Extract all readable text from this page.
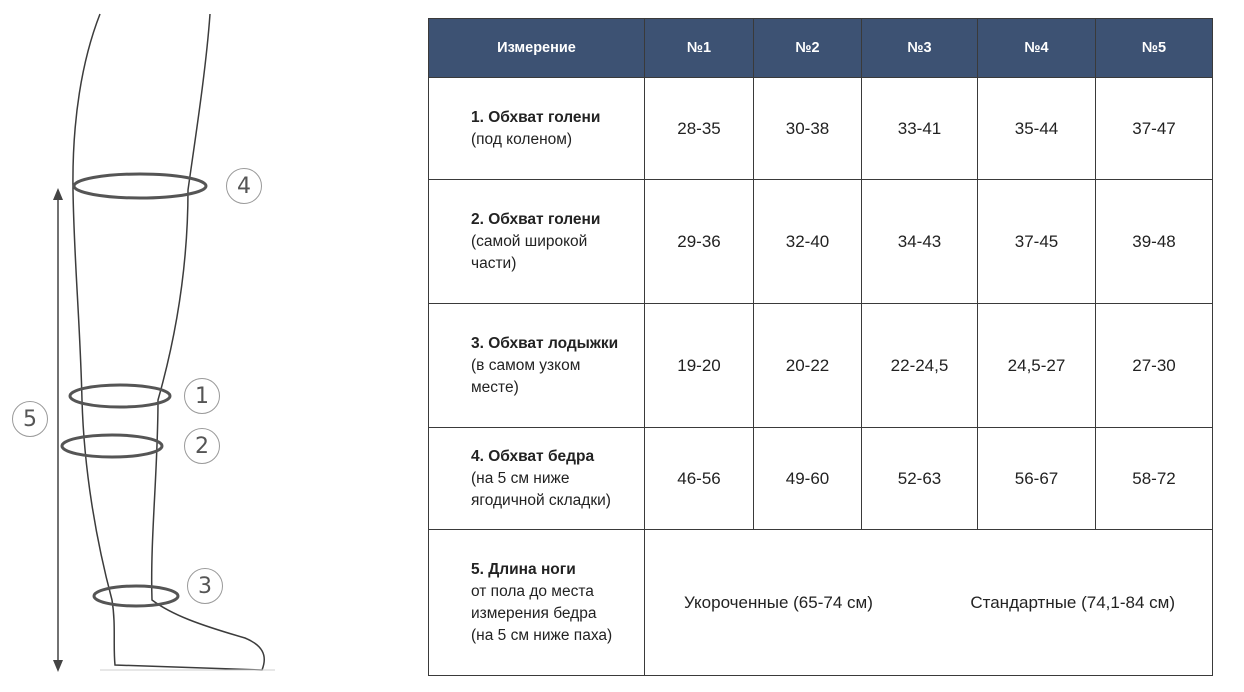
4
1
2
3
5
Измерение	№1	№2	№3	№4	№5

1. Обхват голени
(под коленом)	28-35	30-38	33-41	35-44	37-47

2. Обхват голени
(самой широкой
части)	29-36	32-40	34-43	37-45	39-48

3. Обхват лодыжки
(в самом узком
месте)	19-20	20-22	22-24,5	24,5-27	27-30

4. Обхват бедра
(на 5 см ниже
ягодичной складки)	46-56	49-60	52-63	56-67	58-72

5. Длина ноги
от пола до места
измерения бедра
(на 5 см ниже паха)	Укороченные (65-74 см) Стандартные (74,1-84 см)				
